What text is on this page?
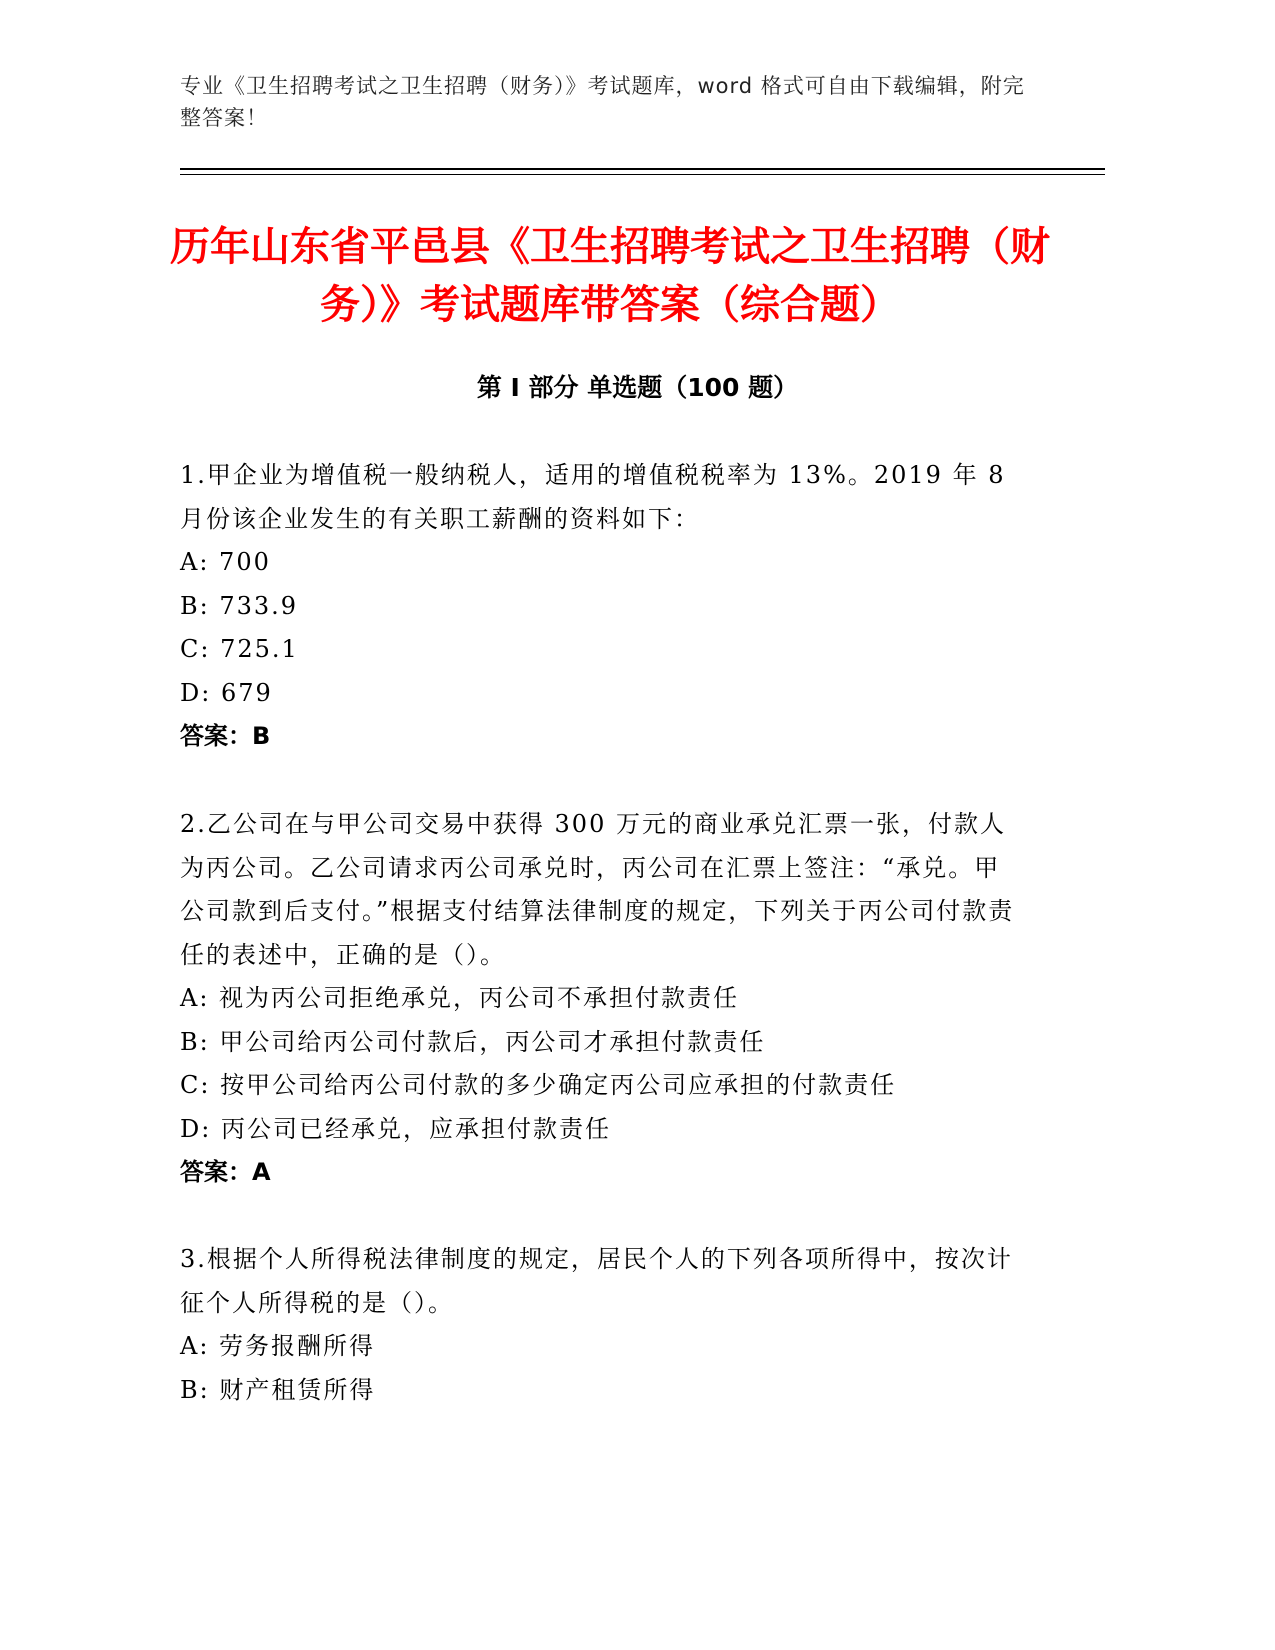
专业《卫生招聘考试之卫生招聘（财务）》考试题库，word 格式可自由下载编辑，附完整答案！
历年山东省平邑县《卫生招聘考试之卫生招聘（财务）》考试题库带答案（综合题）
第 I 部分 单选题（100 题）
1.甲企业为增值税一般纳税人，适用的增值税税率为 13%。2019 年 8 月份该企业发生的有关职工薪酬的资料如下：
A: 700
B: 733.9
C: 725.1
D: 679
答案：B
2.乙公司在与甲公司交易中获得 300 万元的商业承兑汇票一张，付款人为丙公司。乙公司请求丙公司承兑时，丙公司在汇票上签注：“承兑。甲公司款到后支付。”根据支付结算法律制度的规定，下列关于丙公司付款责任的表述中，正确的是（）。
A: 视为丙公司拒绝承兑，丙公司不承担付款责任
B: 甲公司给丙公司付款后，丙公司才承担付款责任
C: 按甲公司给丙公司付款的多少确定丙公司应承担的付款责任
D: 丙公司已经承兑，应承担付款责任
答案：A
3.根据个人所得税法律制度的规定，居民个人的下列各项所得中，按次计征个人所得税的是（）。
A: 劳务报酬所得
B: 财产租赁所得
